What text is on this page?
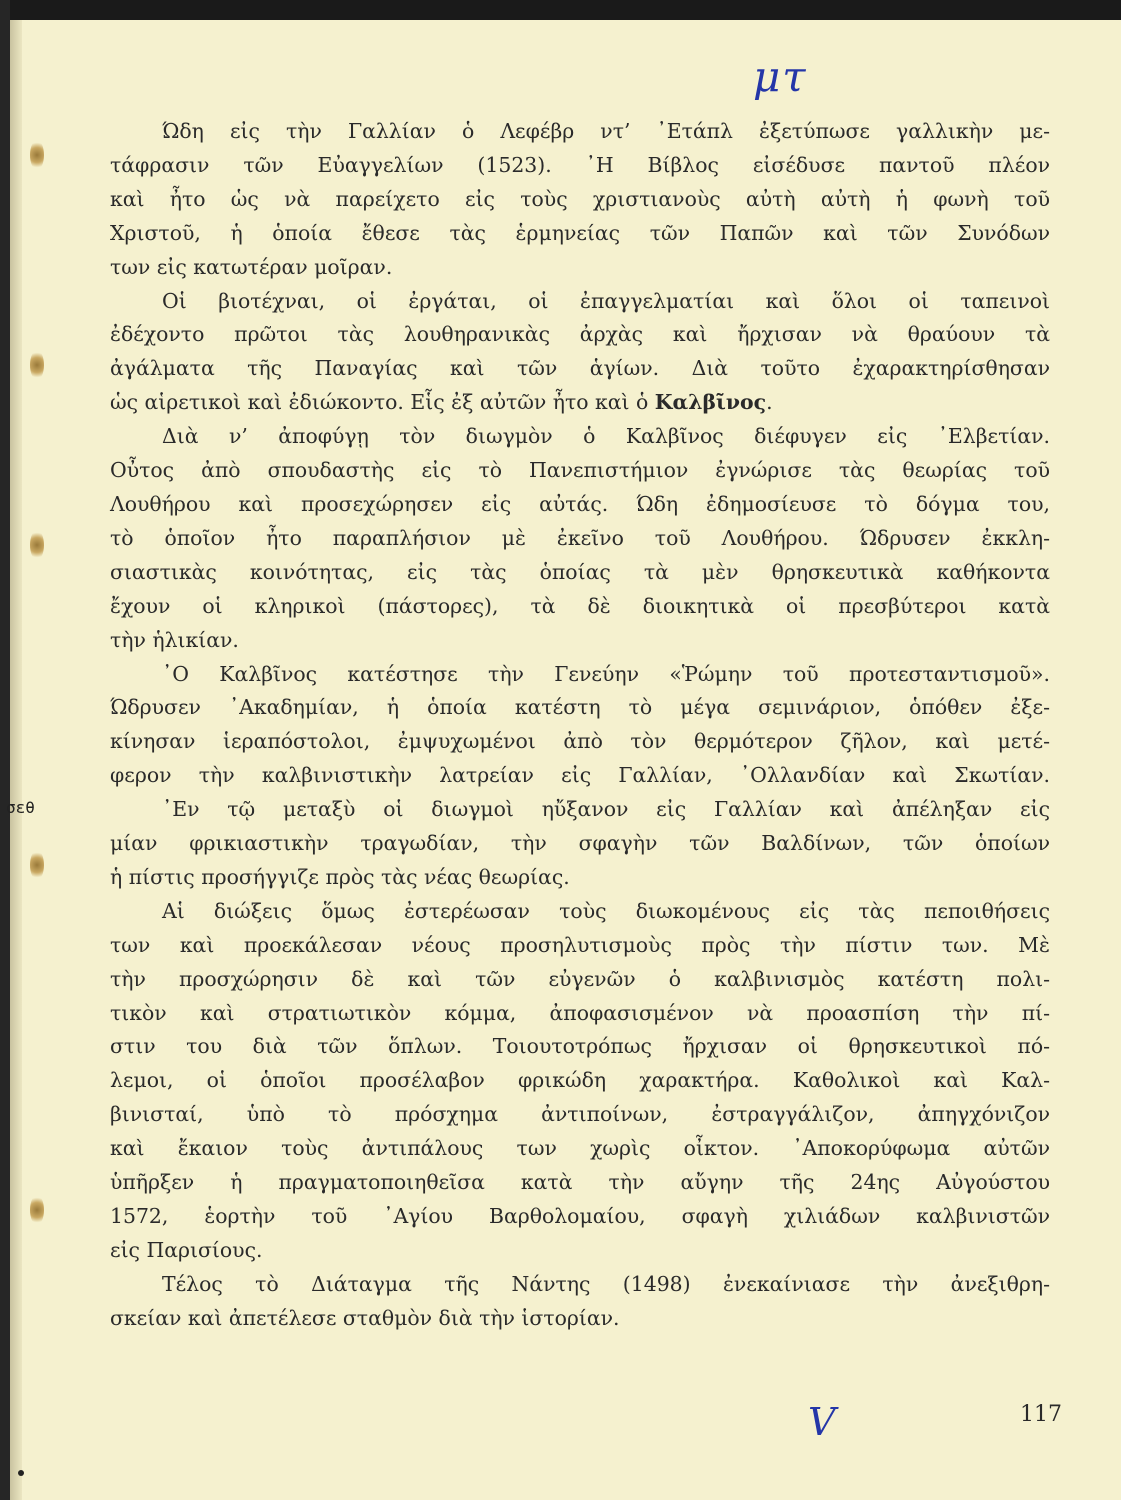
σεθ
μτ
Ώδη εἰς τὴν Γαλλίαν ὁ Λεφέβρ ντ’ ᾿Ετάπλ ἐξετύπωσε γαλλικὴν με-
τάφρασιν τῶν Εὐαγγελίων (1523). ᾿Η Βίβλος εἰσέδυσε παντοῦ πλέον
καὶ ἦτο ὡς νὰ παρείχετο εἰς τοὺς χριστιανοὺς αὐτὴ αὐτὴ ἡ φωνὴ τοῦ
Χριστοῦ, ἡ ὁποία ἔθεσε τὰς ἑρμηνείας τῶν Παπῶν καὶ τῶν Συνόδων
των εἰς κατωτέραν μοῖραν.
Οἱ βιοτέχναι, οἱ ἐργάται, οἱ ἐπαγγελματίαι καὶ ὅλοι οἱ ταπεινοὶ
ἐδέχοντο πρῶτοι τὰς λουθηρανικὰς ἀρχὰς καὶ ἤρχισαν νὰ θραύουν τὰ
ἀγάλματα τῆς Παναγίας καὶ τῶν ἁγίων. Διὰ τοῦτο ἐχαρακτηρίσθησαν
ὡς αἱρετικοὶ καὶ ἐδιώκοντο. Εἷς ἐξ αὐτῶν ἦτο καὶ ὁ Καλβῖνος.
Διὰ ν’ ἀποφύγῃ τὸν διωγμὸν ὁ Καλβῖνος διέφυγεν εἰς ᾿Ελβετίαν.
Οὖτος ἀπὸ σπουδαστὴς εἰς τὸ Πανεπιστήμιον ἐγνώρισε τὰς θεωρίας τοῦ
Λουθήρου καὶ προσεχώρησεν εἰς αὐτάς. Ώδη ἐδημοσίευσε τὸ δόγμα του,
τὸ ὁποῖον ἦτο παραπλήσιον μὲ ἐκεῖνο τοῦ Λουθήρου. Ώδρυσεν ἐκκλη-
σιαστικὰς κοινότητας, εἰς τὰς ὁποίας τὰ μὲν θρησκευτικὰ καθήκοντα
ἔχουν οἱ κληρικοὶ (πάστορες), τὰ δὲ διοικητικὰ οἱ πρεσβύτεροι κατὰ
τὴν ἡλικίαν.
᾿Ο Καλβῖνος κατέστησε τὴν Γενεύην «Ῥώμην τοῦ προτεσταντισμοῦ».
Ώδρυσεν ᾿Ακαδημίαν, ἡ ὁποία κατέστη τὸ μέγα σεμινάριον, ὁπόθεν ἐξε-
κίνησαν ἱεραπόστολοι, ἐμψυχωμένοι ἀπὸ τὸν θερμότερον ζῆλον, καὶ μετέ-
φερον τὴν καλβινιστικὴν λατρείαν εἰς Γαλλίαν, ᾿Ολλανδίαν καὶ Σκωτίαν.
᾿Εν τῷ μεταξὺ οἱ διωγμοὶ ηὔξανον εἰς Γαλλίαν καὶ ἀπέληξαν εἰς
μίαν φρικιαστικὴν τραγωδίαν, τὴν σφαγὴν τῶν Βαλδίνων, τῶν ὁποίων
ἡ πίστις προσήγγιζε πρὸς τὰς νέας θεωρίας.
Αἱ διώξεις ὅμως ἐστερέωσαν τοὺς διωκομένους εἰς τὰς πεποιθήσεις
των καὶ προεκάλεσαν νέους προσηλυτισμοὺς πρὸς τὴν πίστιν των. Μὲ
τὴν προσχώρησιν δὲ καὶ τῶν εὐγενῶν ὁ καλβινισμὸς κατέστη πολι-
τικὸν καὶ στρατιωτικὸν κόμμα, ἀποφασισμένον νὰ προασπίση τὴν πί-
στιν του διὰ τῶν ὅπλων. Τοιουτοτρόπως ἤρχισαν οἱ θρησκευτικοὶ πό-
λεμοι, οἱ ὁποῖοι προσέλαβον φρικώδη χαρακτήρα. Καθολικοὶ καὶ Καλ-
βινισταί, ὑπὸ τὸ πρόσχημα ἀντιποίνων, ἐστραγγάλιζον, ἀπηγχόνιζον
καὶ ἔκαιον τοὺς ἀντιπάλους των χωρὶς οἶκτον. ᾿Αποκορύφωμα αὐτῶν
ὑπῆρξεν ἡ πραγματοποιηθεῖσα κατὰ τὴν αὔγην τῆς 24ης Αὐγούστου
1572, ἑορτὴν τοῦ ᾿Αγίου Βαρθολομαίου, σφαγὴ χιλιάδων καλβινιστῶν
εἰς Παρισίους.
Τέλος τὸ Διάταγμα τῆς Νάντης (1498) ἐνεκαίνιασε τὴν ἀνεξιθρη-
σκείαν καὶ ἀπετέλεσε σταθμὸν διὰ τὴν ἱστορίαν.
V	117
